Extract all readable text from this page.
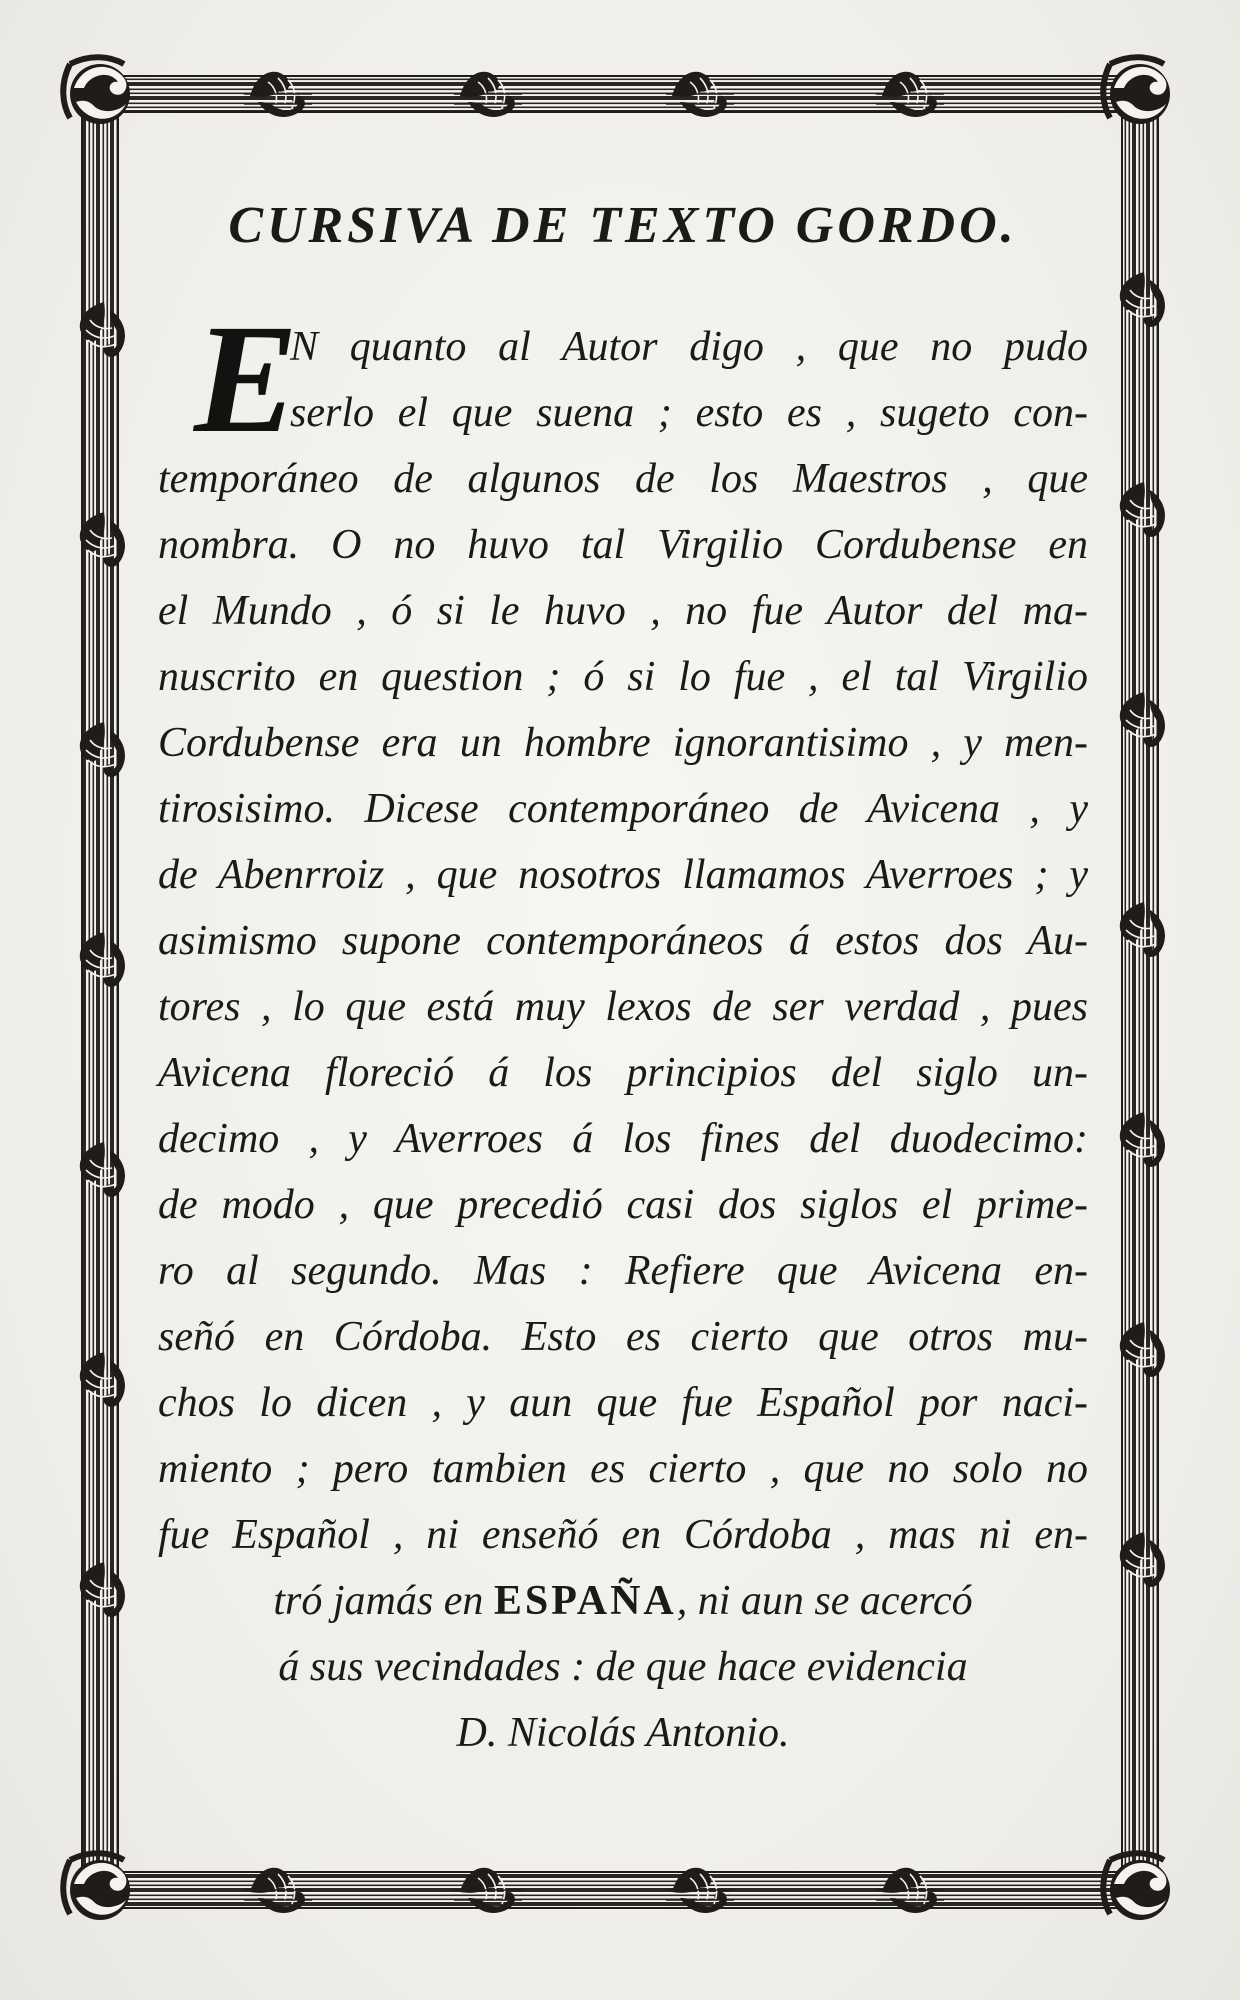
CURSIVA DE TEXTO GORDO.
E
N quanto al Autor digo , que no pudo
serlo el que suena ; esto es , sugeto con-
temporáneo de algunos de los Maestros , que
nombra. O no huvo tal Virgilio Cordubense en
el Mundo , ó si le huvo , no fue Autor del ma-
nuscrito en question ; ó si lo fue , el tal Virgilio
Cordubense era un hombre ignorantisimo , y men-
tirosisimo. Dicese contemporáneo de Avicena , y
de Abenrroiz , que nosotros llamamos Averroes ; y
asimismo supone contemporáneos á estos dos Au-
tores , lo que está muy lexos de ser verdad , pues
Avicena floreció á los principios del siglo un-
decimo , y Averroes á los fines del duodecimo:
de modo , que precedió casi dos siglos el prime-
ro al segundo. Mas : Refiere que Avicena en-
señó en Córdoba. Esto es cierto que otros mu-
chos lo dicen , y aun que fue Español por naci-
miento ; pero tambien es cierto , que no solo no
fue Español , ni enseñó en Córdoba , mas ni en-
tró jamás en ESPAÑA, ni aun se acercó
á sus vecindades : de que hace evidencia
D. Nicolás Antonio.
